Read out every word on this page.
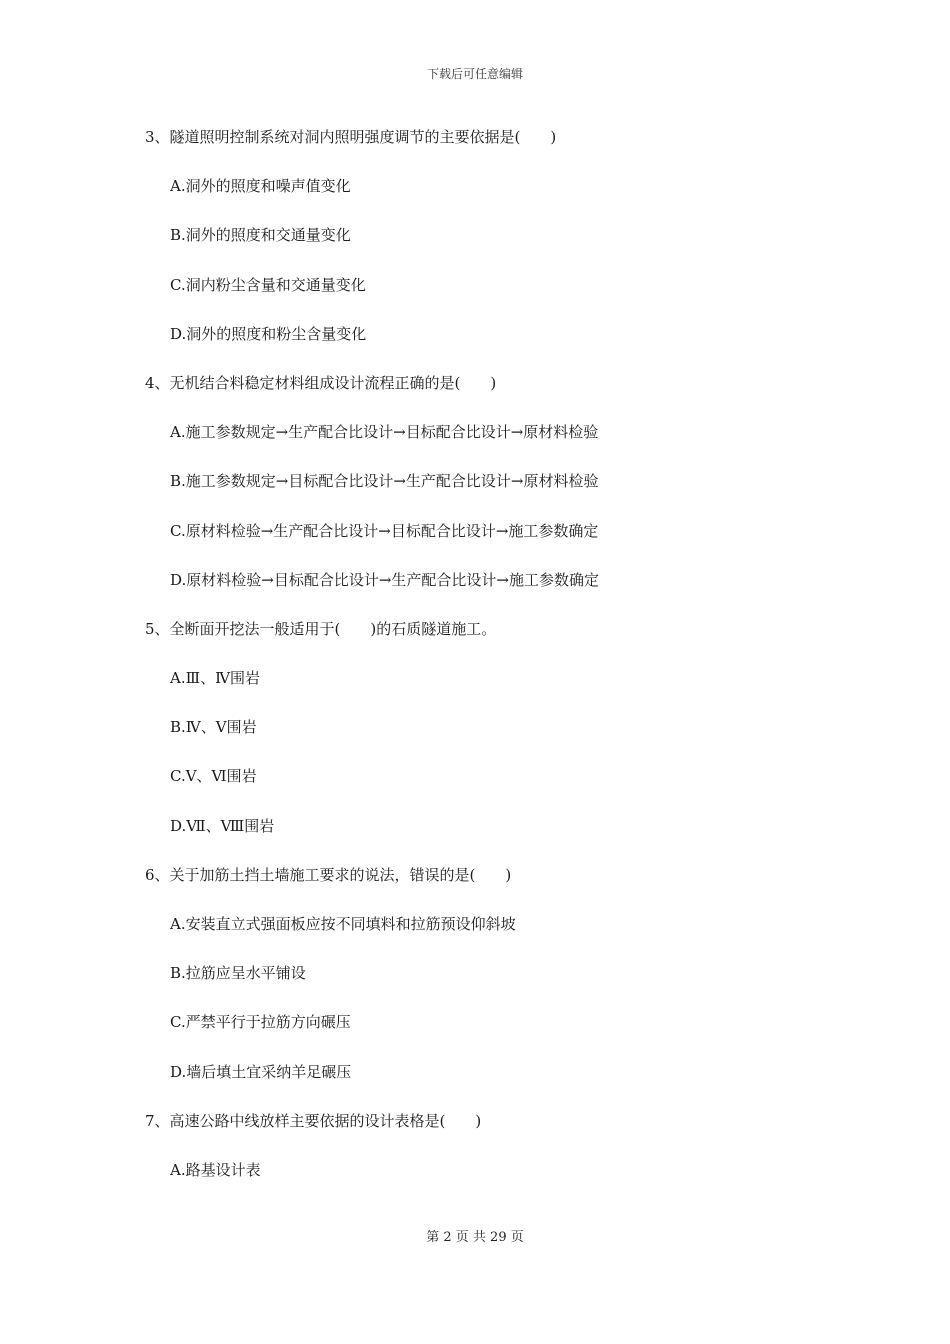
下载后可任意编辑
3、隧道照明控制系统对洞内照明强度调节的主要依据是(　　)
A.洞外的照度和噪声值变化
B.洞外的照度和交通量变化
C.洞内粉尘含量和交通量变化
D.洞外的照度和粉尘含量变化
4、无机结合料稳定材料组成设计流程正确的是(　　)
A.施工参数规定→生产配合比设计→目标配合比设计→原材料检验
B.施工参数规定→目标配合比设计→生产配合比设计→原材料检验
C.原材料检验→生产配合比设计→目标配合比设计→施工参数确定
D.原材料检验→目标配合比设计→生产配合比设计→施工参数确定
5、全断面开挖法一般适用于(　　)的石质隧道施工。
A.Ⅲ、Ⅳ围岩
B.Ⅳ、Ⅴ围岩
C.Ⅴ、Ⅵ围岩
D.Ⅶ、Ⅷ围岩
6、关于加筋土挡土墙施工要求的说法，错误的是(　　)
A.安装直立式强面板应按不同填料和拉筋预设仰斜坡
B.拉筋应呈水平铺设
C.严禁平行于拉筋方向碾压
D.墙后填土宜采纳羊足碾压
7、高速公路中线放样主要依据的设计表格是(　　)
A.路基设计表
第 2 页 共 29 页
